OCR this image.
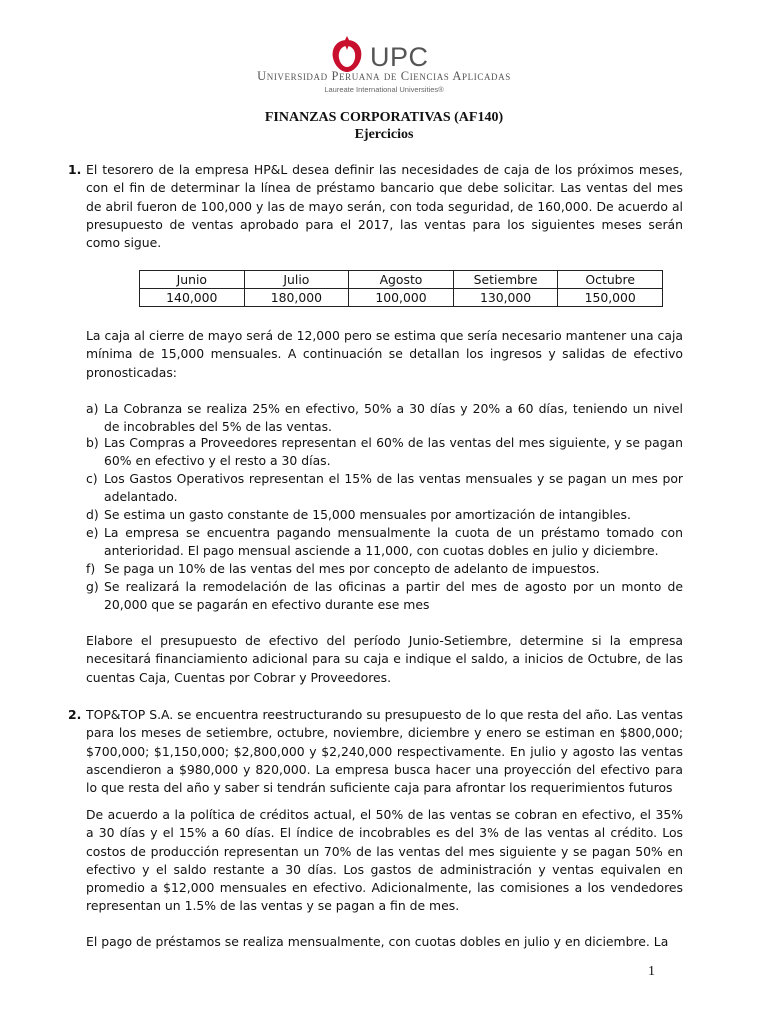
UPC
Universidad Peruana de Ciencias Aplicadas
Laureate International Universities®
FINANZAS CORPORATIVAS (AF140)
Ejercicios
1. El tesorero de la empresa HP&L desea definir las necesidades de caja de los próximos meses, con el fin de determinar la línea de préstamo bancario que debe solicitar. Las ventas del mes de abril fueron de 100,000 y las de mayo serán, con toda seguridad, de 160,000. De acuerdo al presupuesto de ventas aprobado para el 2017, las ventas para los siguientes meses serán como sigue.

Junio	Julio	Agosto	Setiembre	Octubre
140,000	180,000	100,000	130,000	150,000

La caja al cierre de mayo será de 12,000 pero se estima que sería necesario mantener una caja mínima de 15,000 mensuales. A continuación se detallan los ingresos y salidas de efectivo pronosticadas:

a) La Cobranza se realiza 25% en efectivo, 50% a 30 días y 20% a 60 días, teniendo un nivel de incobrables del 5% de las ventas.
b) Las Compras a Proveedores representan el 60% de las ventas del mes siguiente, y se pagan 60% en efectivo y el resto a 30 días.
c) Los Gastos Operativos representan el 15% de las ventas mensuales y se pagan un mes por adelantado.
d) Se estima un gasto constante de 15,000 mensuales por amortización de intangibles.
e) La empresa se encuentra pagando mensualmente la cuota de un préstamo tomado con anterioridad. El pago mensual asciende a 11,000, con cuotas dobles en julio y diciembre.
f) Se paga un 10% de las ventas del mes por concepto de adelanto de impuestos.
g) Se realizará la remodelación de las oficinas a partir del mes de agosto por un monto de 20,000 que se pagarán en efectivo durante ese mes

Elabore el presupuesto de efectivo del período Junio-Setiembre, determine si la empresa necesitará financiamiento adicional para su caja e indique el saldo, a inicios de Octubre, de las cuentas Caja, Cuentas por Cobrar y Proveedores.

2. TOP&TOP S.A. se encuentra reestructurando su presupuesto de lo que resta del año. Las ventas para los meses de setiembre, octubre, noviembre, diciembre y enero se estiman en $800,000; $700,000; $1,150,000; $2,800,000 y $2,240,000 respectivamente. En julio y agosto las ventas ascendieron a $980,000 y 820,000. La empresa busca hacer una proyección del efectivo para lo que resta del año y saber si tendrán suficiente caja para afrontar los requerimientos futuros

De acuerdo a la política de créditos actual, el 50% de las ventas se cobran en efectivo, el 35% a 30 días y el 15% a 60 días. El índice de incobrables es del 3% de las ventas al crédito. Los costos de producción representan un 70% de las ventas del mes siguiente y se pagan 50% en efectivo y el saldo restante a 30 días. Los gastos de administración y ventas equivalen en promedio a $12,000 mensuales en efectivo. Adicionalmente, las comisiones a los vendedores representan un 1.5% de las ventas y se pagan a fin de mes.

El pago de préstamos se realiza mensualmente, con cuotas dobles en julio y en diciembre. La

1
